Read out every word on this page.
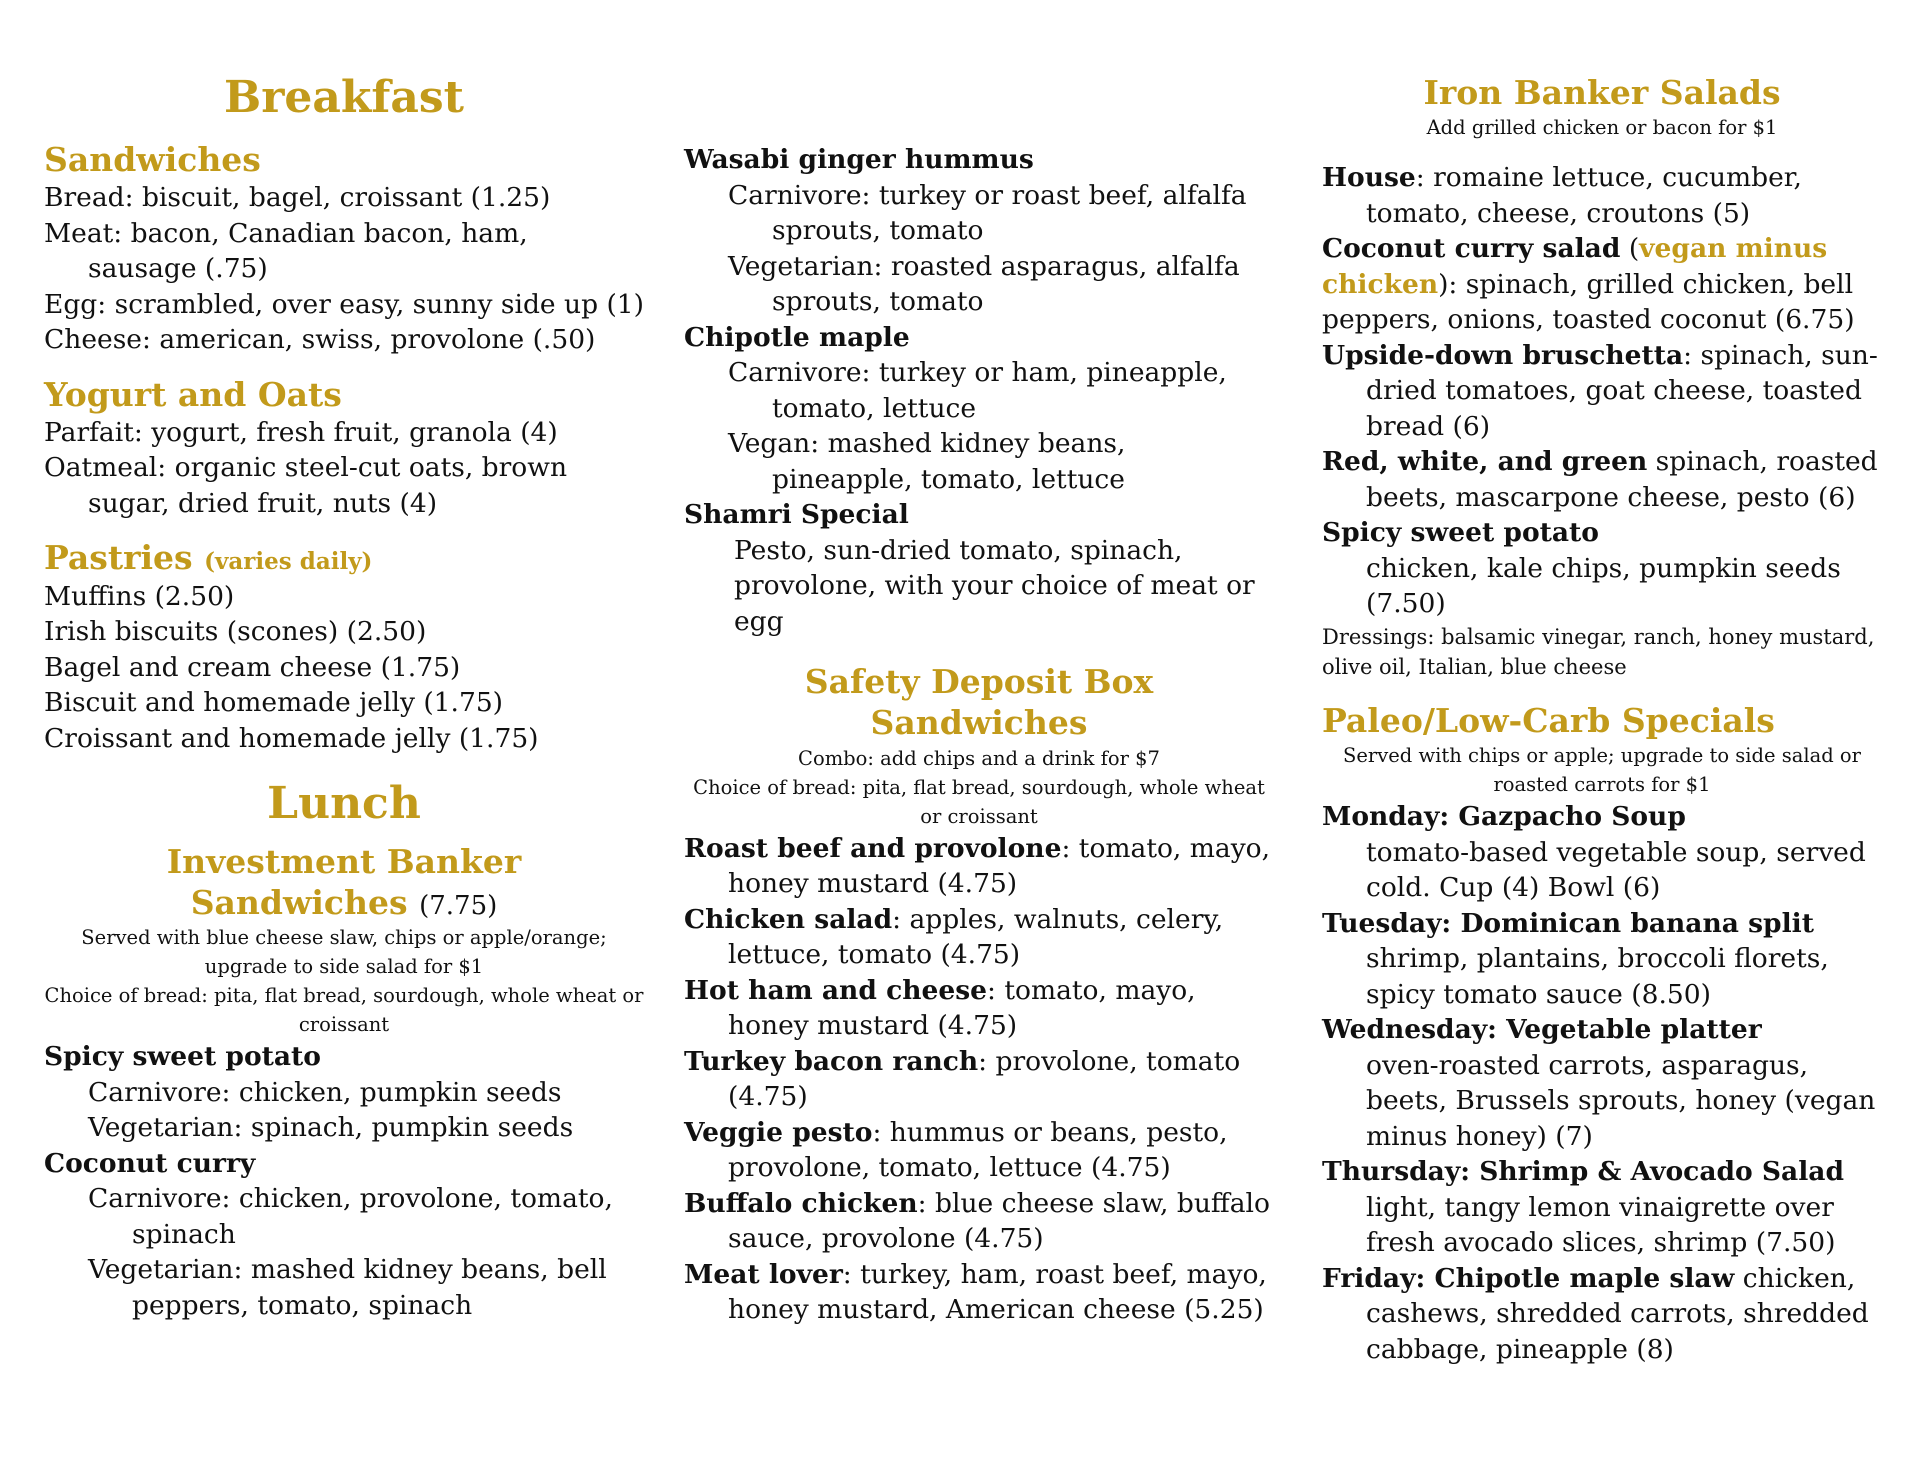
Breakfast
Sandwiches

Bread: biscuit, bagel, croissant (1.25)

Meat: bacon, Canadian bacon, ham, sausage (.75)

Egg: scrambled, over easy, sunny side up (1)

Cheese: american, swiss, provolone (.50)

Yogurt and Oats

Parfait: yogurt, fresh fruit, granola (4)

Oatmeal: organic steel-cut oats, brown sugar, dried fruit, nuts (4)

Pastries (varies daily)

Muffins (2.50)

Irish biscuits (scones) (2.50)

Bagel and cream cheese (1.75)

Biscuit and homemade jelly (1.75)

Croissant and homemade jelly (1.75)

Lunch
Investment Banker
Sandwiches (7.75)

Served with blue cheese slaw, chips or apple/orange; upgrade to side salad for $1

Choice of bread: pita, flat bread, sourdough, whole wheat or croissant

Spicy sweet potato

Carnivore: chicken, pumpkin seeds

Vegetarian: spinach, pumpkin seeds

Coconut curry

Carnivore: chicken, provolone, tomato, spinach

Vegetarian: mashed kidney beans, bell peppers, tomato, spinach

Wasabi ginger hummus

Carnivore: turkey or roast beef, alfalfa sprouts, tomato

Vegetarian: roasted asparagus, alfalfa sprouts, tomato

Chipotle maple

Carnivore: turkey or ham, pineapple, tomato, lettuce

Vegan: mashed kidney beans, pineapple, tomato, lettuce

Shamri Special

Pesto, sun-dried tomato, spinach, provolone, with your choice of meat or egg

Safety Deposit Box
Sandwiches

Combo: add chips and a drink for $7

Choice of bread: pita, flat bread, sourdough, whole wheat or croissant

Roast beef and provolone: tomato, mayo, honey mustard (4.75)

Chicken salad: apples, walnuts, celery, lettuce, tomato (4.75)

Hot ham and cheese: tomato, mayo, honey mustard (4.75)

Turkey bacon ranch: provolone, tomato (4.75)

Veggie pesto: hummus or beans, pesto, provolone, tomato, lettuce (4.75)

Buffalo chicken: blue cheese slaw, buffalo sauce, provolone (4.75)

Meat lover: turkey, ham, roast beef, mayo, honey mustard, American cheese (5.25)

Iron Banker Salads

Add grilled chicken or bacon for $1

House: romaine lettuce, cucumber, tomato, cheese, croutons (5)

Coconut curry salad (vegan minus chicken): spinach, grilled chicken, bell peppers, onions, toasted coconut (6.75)

Upside-down bruschetta: spinach, sun-dried tomatoes, goat cheese, toasted bread (6)

Red, white, and green spinach, roasted beets, mascarpone cheese, pesto (6)

Spicy sweet potato

chicken, kale chips, pumpkin seeds (7.50)

Dressings: balsamic vinegar, ranch, honey mustard, olive oil, Italian, blue cheese

Paleo/Low-Carb Specials

Served with chips or apple; upgrade to side salad or roasted carrots for $1

Monday: Gazpacho Soup

tomato-based vegetable soup, served cold. Cup (4) Bowl (6)

Tuesday: Dominican banana split

shrimp, plantains, broccoli florets, spicy tomato sauce (8.50)

Wednesday: Vegetable platter

oven-roasted carrots, asparagus, beets, Brussels sprouts, honey (vegan minus honey) (7)

Thursday: Shrimp & Avocado Salad

light, tangy lemon vinaigrette over fresh avocado slices, shrimp (7.50)

Friday: Chipotle maple slaw chicken, cashews, shredded carrots, shredded cabbage, pineapple (8)
